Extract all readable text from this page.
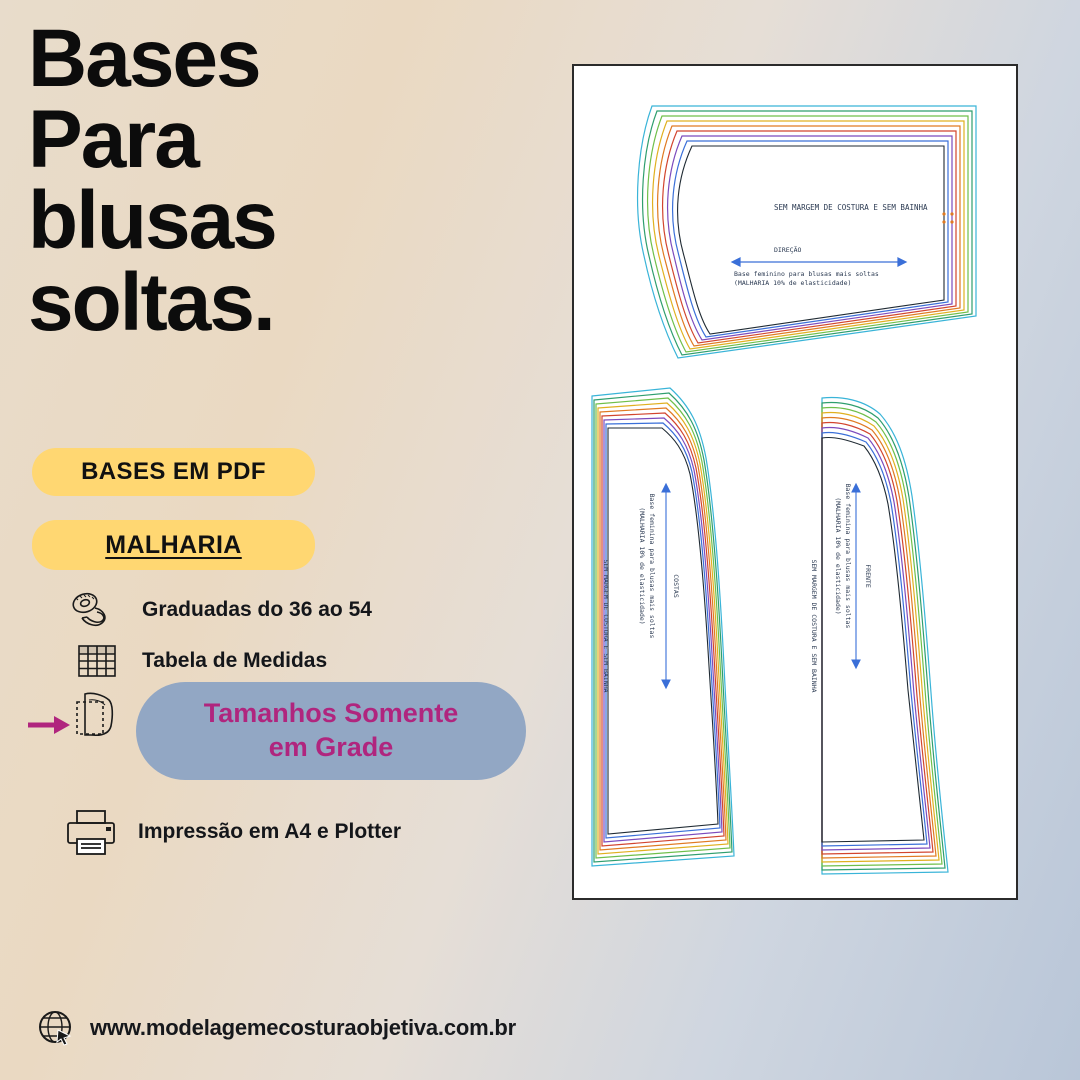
Bases
Para
blusas
soltas.
BASES EM PDF
MALHARIA
Graduadas do 36 ao 54
Tabela de Medidas
Tamanhos Somente
em Grade
Impressão em A4 e Plotter
www.modelagemecosturaobjetiva.com.br
SEM MARGEM DE COSTURA E SEM BAINHA
DIREÇÃO
Base feminino para blusas mais soltas
(MALHARIA 10% de elasticidade)
COSTAS
Base feminina para blusas mais soltas
(MALHARIA 10% de elasticidade)
SEM MARGEM DE COSTURA E SEM BAINHA	FRENTE
Base feminina para blusas mais soltas
(MALHARIA 10% de elasticidade)
SEM MARGEM DE COSTURA E SEM BAINHA
